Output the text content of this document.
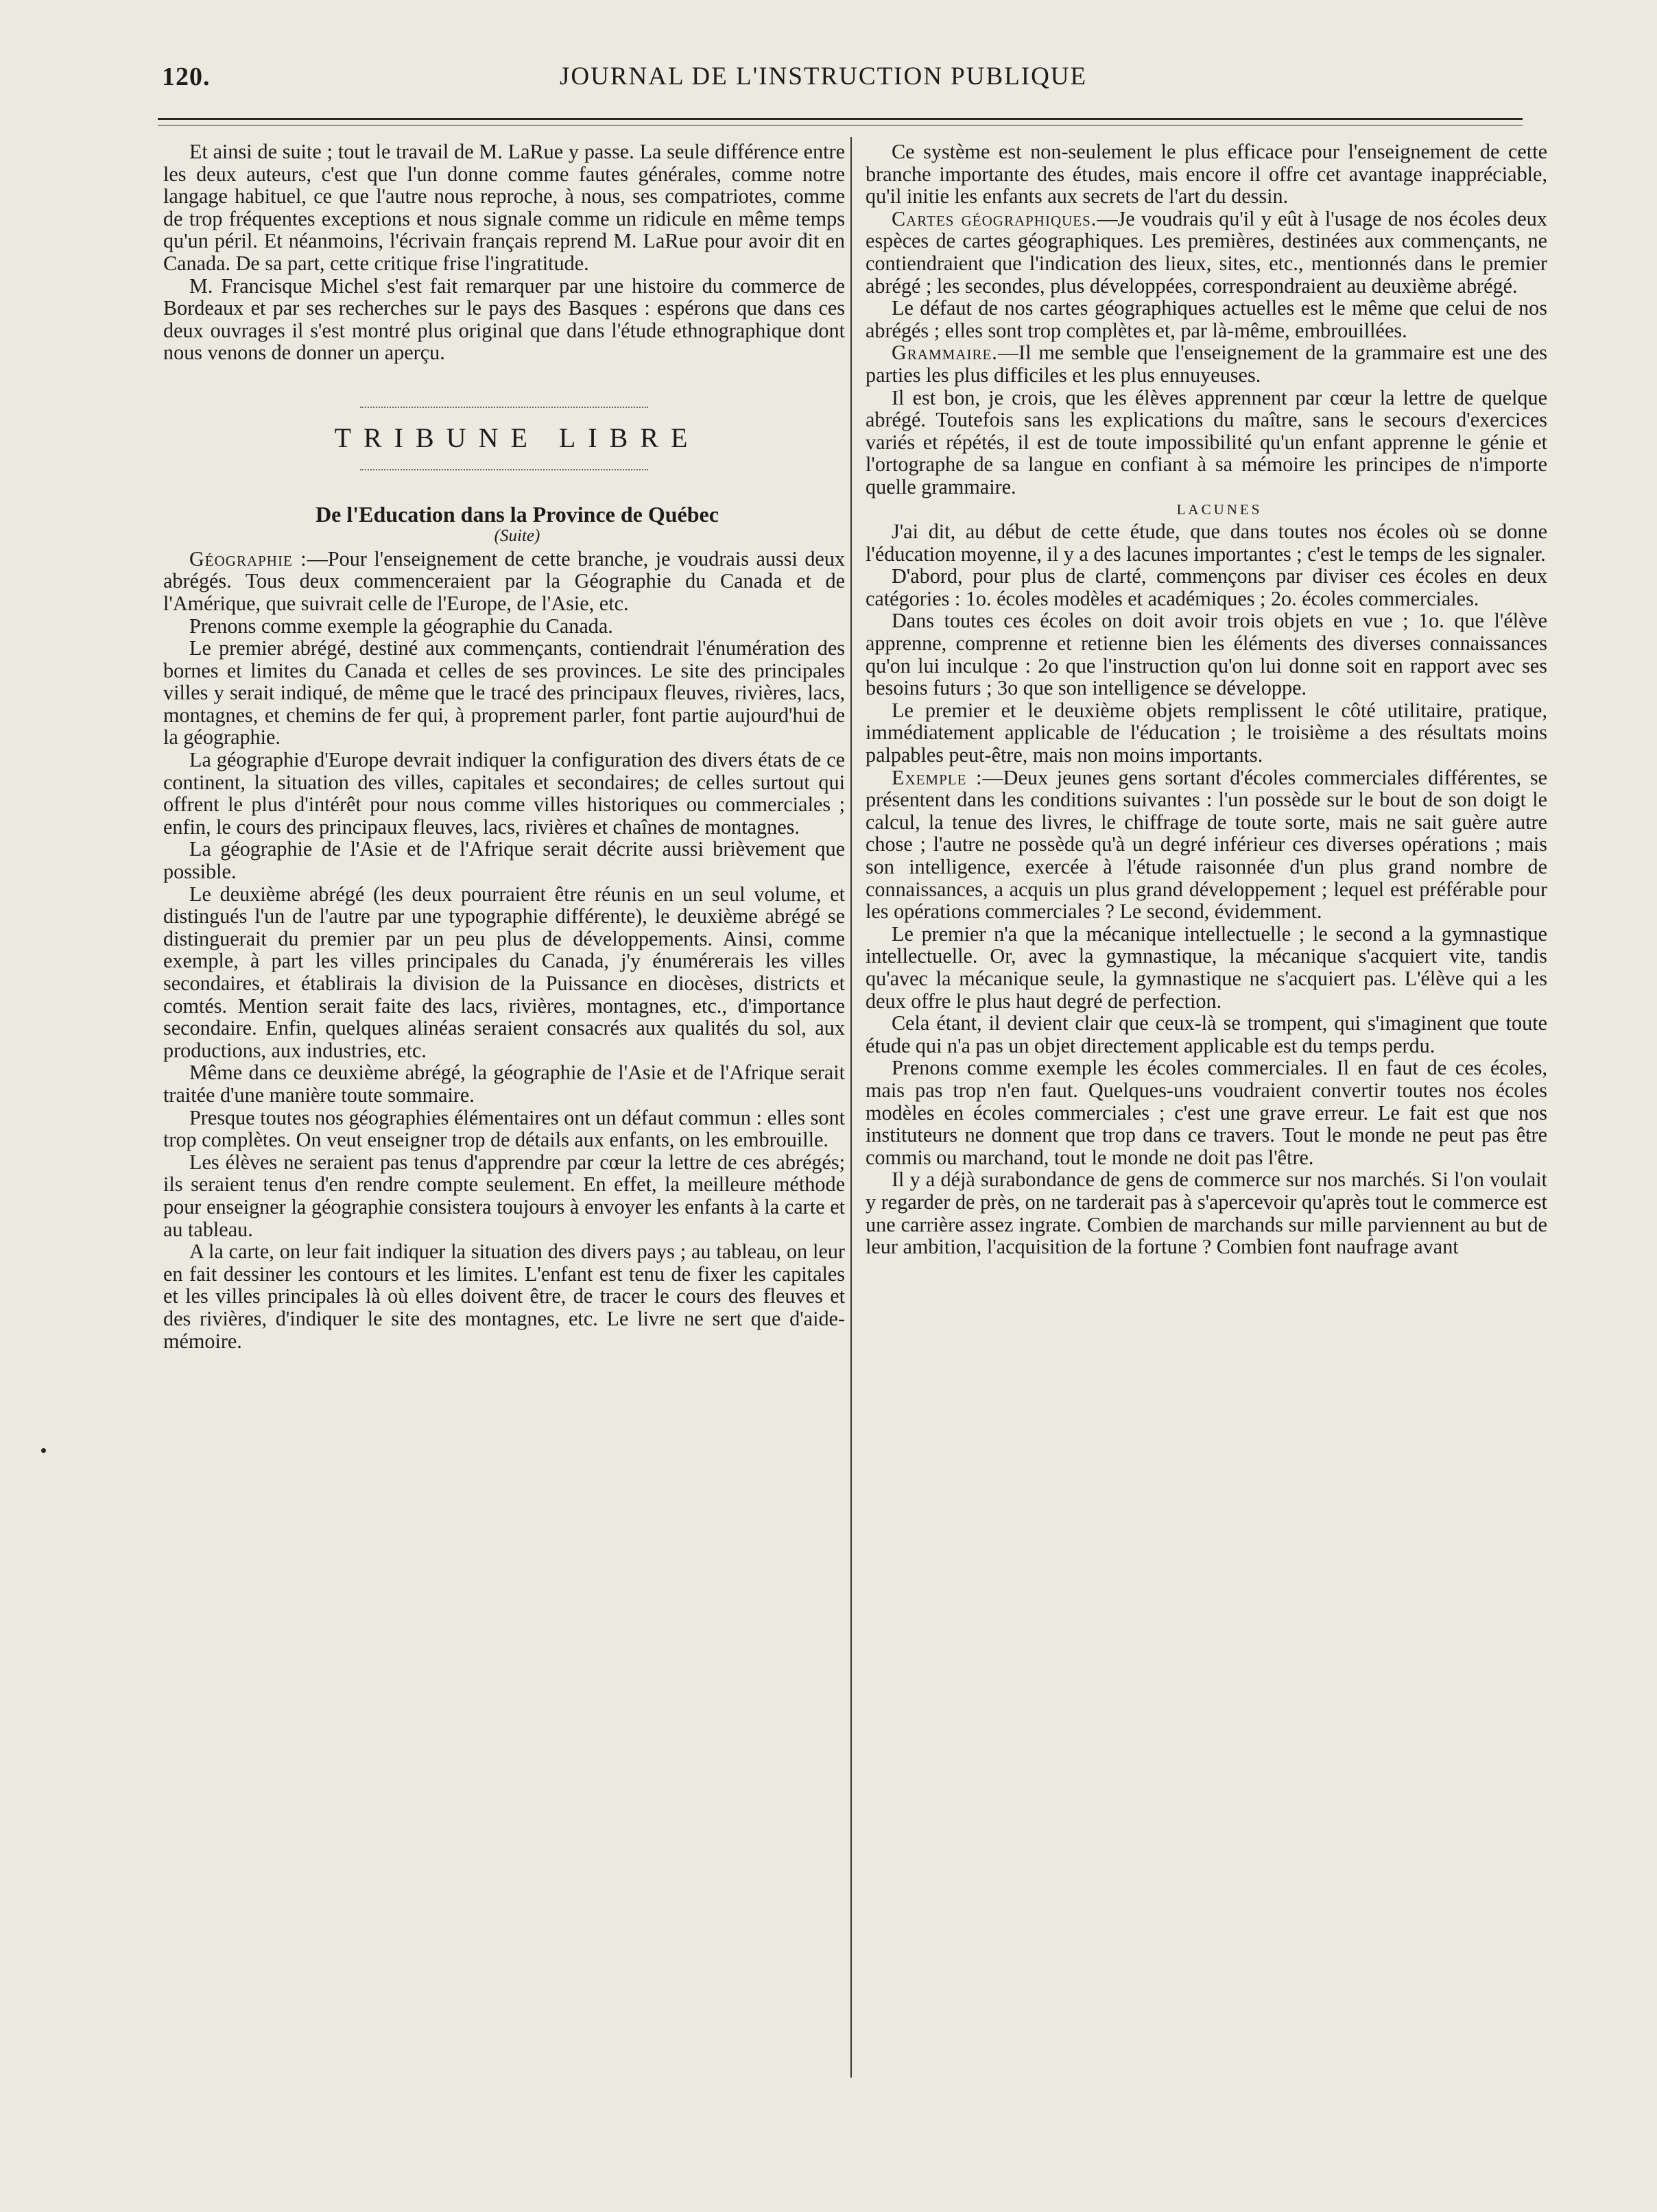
120.	JOURNAL DE L'INSTRUCTION PUBLIQUE

Et ainsi de suite ; tout le travail de M. LaRue y passe. La seule différence entre les deux auteurs, c'est que l'un donne comme fautes générales, comme notre langage habituel, ce que l'autre nous reproche, à nous, ses compatriotes, comme de trop fréquentes exceptions et nous signale comme un ridicule en même temps qu'un péril. Et néanmoins, l'écrivain français reprend M. LaRue pour avoir dit en Canada. De sa part, cette critique frise l'ingratitude.

M. Francisque Michel s'est fait remarquer par une histoire du commerce de Bordeaux et par ses recherches sur le pays des Basques : espérons que dans ces deux ouvrages il s'est montré plus original que dans l'étude ethnographique dont nous venons de donner un aperçu.

TRIBUNE LIBRE

De l'Education dans la Province de Québec

(Suite)

Géographie :—Pour l'enseignement de cette branche, je voudrais aussi deux abrégés. Tous deux commenceraient par la Géographie du Canada et de l'Amérique, que suivrait celle de l'Europe, de l'Asie, etc.

Prenons comme exemple la géographie du Canada.

Le premier abrégé, destiné aux commençants, contiendrait l'énumération des bornes et limites du Canada et celles de ses provinces. Le site des principales villes y serait indiqué, de même que le tracé des principaux fleuves, rivières, lacs, montagnes, et chemins de fer qui, à proprement parler, font partie aujourd'hui de la géographie.

La géographie d'Europe devrait indiquer la configuration des divers états de ce continent, la situation des villes, capitales et secondaires; de celles surtout qui offrent le plus d'intérêt pour nous comme villes historiques ou commerciales ; enfin, le cours des principaux fleuves, lacs, rivières et chaînes de montagnes.

La géographie de l'Asie et de l'Afrique serait décrite aussi brièvement que possible.

Le deuxième abrégé (les deux pourraient être réunis en un seul volume, et distingués l'un de l'autre par une typographie différente), le deuxième abrégé se distinguerait du premier par un peu plus de développements. Ainsi, comme exemple, à part les villes principales du Canada, j'y énumérerais les villes secondaires, et établirais la division de la Puissance en diocèses, districts et comtés. Mention serait faite des lacs, rivières, montagnes, etc., d'importance secondaire. Enfin, quelques alinéas seraient consacrés aux qualités du sol, aux productions, aux industries, etc.

Même dans ce deuxième abrégé, la géographie de l'Asie et de l'Afrique serait traitée d'une manière toute sommaire.

Presque toutes nos géographies élémentaires ont un défaut commun : elles sont trop complètes. On veut enseigner trop de détails aux enfants, on les embrouille.

Les élèves ne seraient pas tenus d'apprendre par cœur la lettre de ces abrégés; ils seraient tenus d'en rendre compte seulement. En effet, la meilleure méthode pour enseigner la géographie consistera toujours à envoyer les enfants à la carte et au tableau.

A la carte, on leur fait indiquer la situation des divers pays ; au tableau, on leur en fait dessiner les contours et les limites. L'enfant est tenu de fixer les capitales et les villes principales là où elles doivent être, de tracer le cours des fleuves et des rivières, d'indiquer le site des montagnes, etc. Le livre ne sert que d'aide-mémoire.

Ce système est non-seulement le plus efficace pour l'enseignement de cette branche importante des études, mais encore il offre cet avantage inappréciable, qu'il initie les enfants aux secrets de l'art du dessin.

Cartes géographiques.—Je voudrais qu'il y eût à l'usage de nos écoles deux espèces de cartes géographiques. Les premières, destinées aux commençants, ne contiendraient que l'indication des lieux, sites, etc., mentionnés dans le premier abrégé ; les secondes, plus développées, correspondraient au deuxième abrégé.

Le défaut de nos cartes géographiques actuelles est le même que celui de nos abrégés ; elles sont trop complètes et, par là-même, embrouillées.

Grammaire.—Il me semble que l'enseignement de la grammaire est une des parties les plus difficiles et les plus ennuyeuses.

Il est bon, je crois, que les élèves apprennent par cœur la lettre de quelque abrégé. Toutefois sans les explications du maître, sans le secours d'exercices variés et répétés, il est de toute impossibilité qu'un enfant apprenne le génie et l'ortographe de sa langue en confiant à sa mémoire les principes de n'importe quelle grammaire.

LACUNES

J'ai dit, au début de cette étude, que dans toutes nos écoles où se donne l'éducation moyenne, il y a des lacunes importantes ; c'est le temps de les signaler.

D'abord, pour plus de clarté, commençons par diviser ces écoles en deux catégories : 1o. écoles modèles et académiques ; 2o. écoles commerciales.

Dans toutes ces écoles on doit avoir trois objets en vue ; 1o. que l'élève apprenne, comprenne et retienne bien les éléments des diverses connaissances qu'on lui inculque : 2o que l'instruction qu'on lui donne soit en rapport avec ses besoins futurs ; 3o que son intelligence se développe.

Le premier et le deuxième objets remplissent le côté utilitaire, pratique, immédiatement applicable de l'éducation ; le troisième a des résultats moins palpables peut-être, mais non moins importants.

Exemple :—Deux jeunes gens sortant d'écoles commerciales différentes, se présentent dans les conditions suivantes : l'un possède sur le bout de son doigt le calcul, la tenue des livres, le chiffrage de toute sorte, mais ne sait guère autre chose ; l'autre ne possède qu'à un degré inférieur ces diverses opérations ; mais son intelligence, exercée à l'étude raisonnée d'un plus grand nombre de connaissances, a acquis un plus grand développement ; lequel est préférable pour les opérations commerciales ? Le second, évidemment.

Le premier n'a que la mécanique intellectuelle ; le second a la gymnastique intellectuelle. Or, avec la gymnastique, la mécanique s'acquiert vite, tandis qu'avec la mécanique seule, la gymnastique ne s'acquiert pas. L'élève qui a les deux offre le plus haut degré de perfection.

Cela étant, il devient clair que ceux-là se trompent, qui s'imaginent que toute étude qui n'a pas un objet directement applicable est du temps perdu.

Prenons comme exemple les écoles commerciales. Il en faut de ces écoles, mais pas trop n'en faut. Quelques-uns voudraient convertir toutes nos écoles modèles en écoles commerciales ; c'est une grave erreur. Le fait est que nos instituteurs ne donnent que trop dans ce travers. Tout le monde ne peut pas être commis ou marchand, tout le monde ne doit pas l'être.

Il y a déjà surabondance de gens de commerce sur nos marchés. Si l'on voulait y regarder de près, on ne tarderait pas à s'apercevoir qu'après tout le commerce est une carrière assez ingrate. Combien de marchands sur mille parviennent au but de leur ambition, l'acquisition de la fortune ? Combien font naufrage avant
